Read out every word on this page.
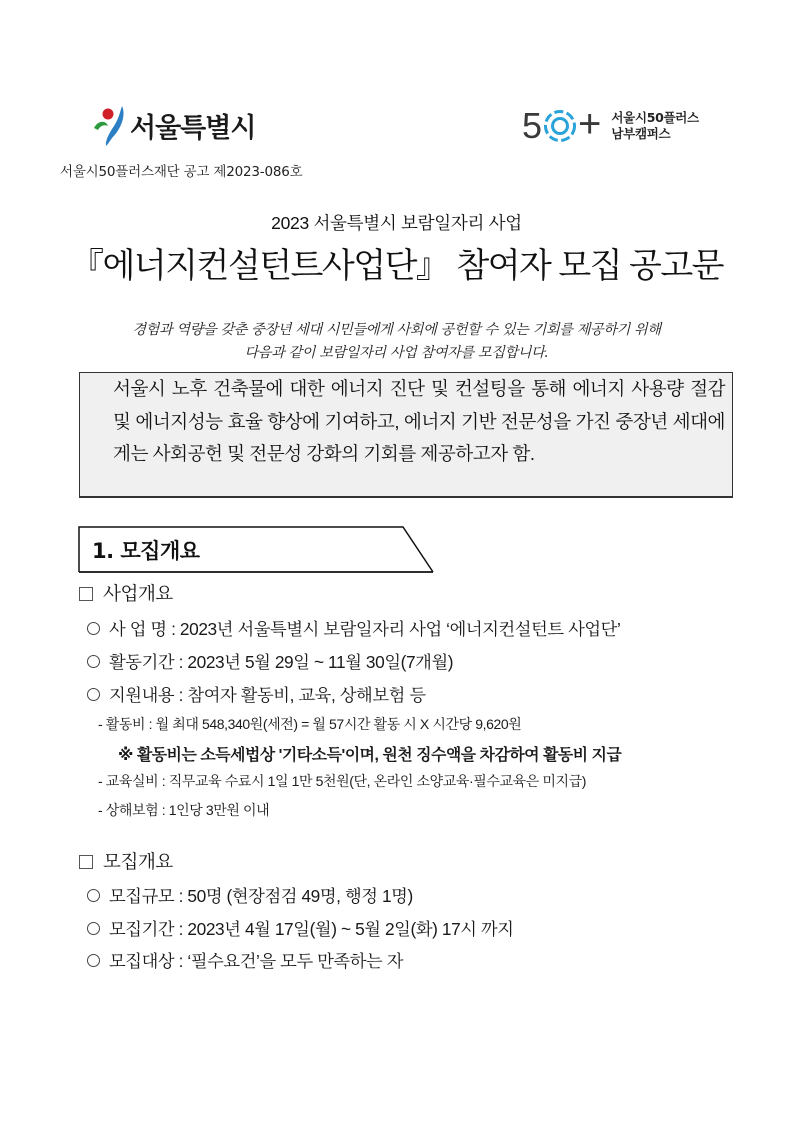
서울특별시	5 + 서울시50플러스
남부캠퍼스
서울시50플러스재단 공고 제2023-086호
2023 서울특별시 보람일자리 사업
『에너지컨설턴트사업단』 참여자 모집 공고문
경험과 역량을 갖춘 중장년 세대 시민들에게 사회에 공헌할 수 있는 기회를 제공하기 위해
다음과 같이 보람일자리 사업 참여자를 모집합니다.
서울시 노후 건축물에 대한 에너지 진단 및 컨설팅을 통해 에너지 사용량 절감 및 에너지성능 효율 향상에 기여하고, 에너지 기반 전문성을 가진 중장년 세대에게는 사회공헌 및 전문성 강화의 기회를 제공하고자 함.
1. 모집개요
사업개요
사 업 명 : 2023년 서울특별시 보람일자리 사업 ‘에너지컨설턴트 사업단’
활동기간 : 2023년 5월 29일 ~ 11월 30일(7개월)
지원내용 : 참여자 활동비, 교육, 상해보험 등
- 활동비 : 월 최대 548,340원(세전) = 월 57시간 활동 시 X 시간당 9,620원
※ 활동비는 소득세법상 '기타소득'이며, 원천 징수액을 차감하여 활동비 지급
- 교육실비 : 직무교육 수료시 1일 1만 5천원(단, 온라인 소양교육·필수교육은 미지급)
- 상해보험 : 1인당 3만원 이내
모집개요
모집규모 : 50명 (현장점검 49명, 행정 1명)
모집기간 : 2023년 4월 17일(월) ~ 5월 2일(화) 17시 까지
모집대상 : ‘필수요건’을 모두 만족하는 자
